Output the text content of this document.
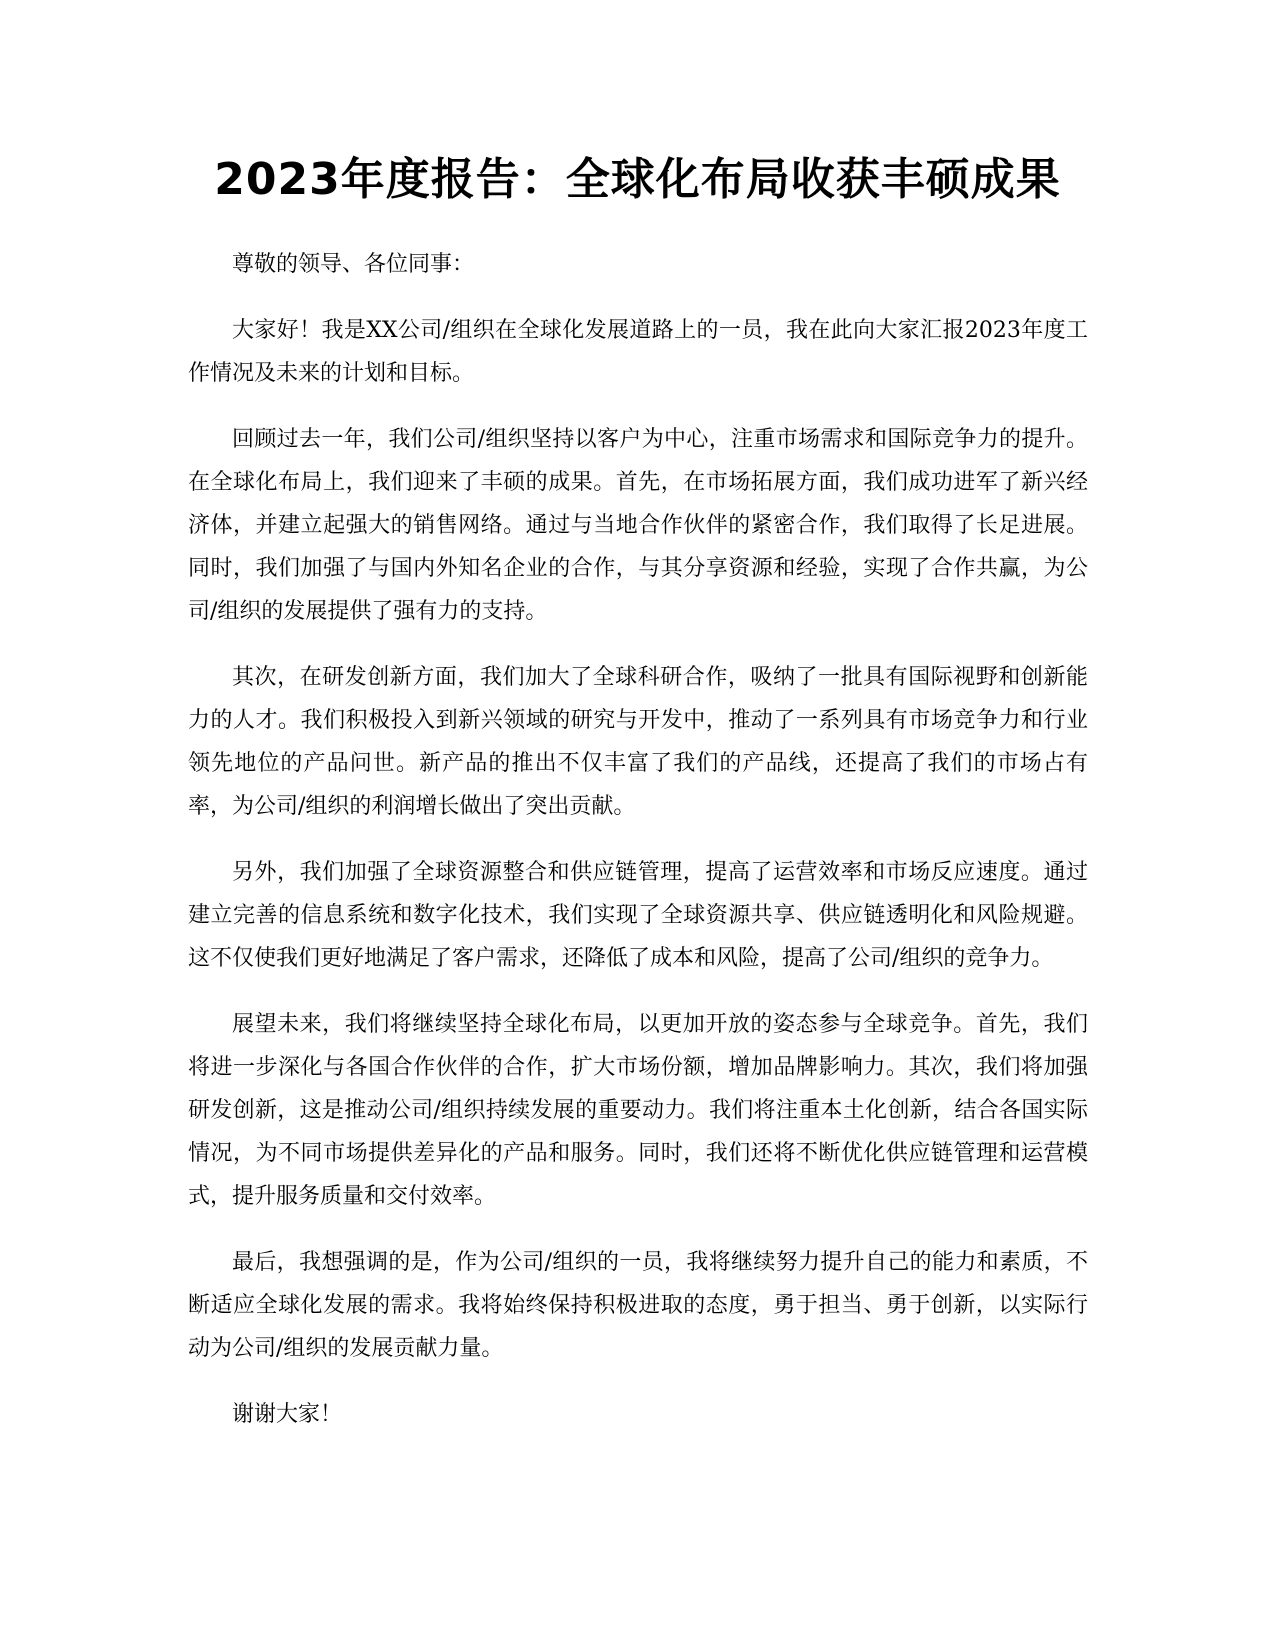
2023年度报告：全球化布局收获丰硕成果

尊敬的领导、各位同事：

大家好！我是XX公司/组织在全球化发展道路上的一员，我在此向大家汇报2023年度工作情况及未来的计划和目标。

回顾过去一年，我们公司/组织坚持以客户为中心，注重市场需求和国际竞争力的提升。在全球化布局上，我们迎来了丰硕的成果。首先，在市场拓展方面，我们成功进军了新兴经济体，并建立起强大的销售网络。通过与当地合作伙伴的紧密合作，我们取得了长足进展。同时，我们加强了与国内外知名企业的合作，与其分享资源和经验，实现了合作共赢，为公司/组织的发展提供了强有力的支持。

其次，在研发创新方面，我们加大了全球科研合作，吸纳了一批具有国际视野和创新能力的人才。我们积极投入到新兴领域的研究与开发中，推动了一系列具有市场竞争力和行业领先地位的产品问世。新产品的推出不仅丰富了我们的产品线，还提高了我们的市场占有率，为公司/组织的利润增长做出了突出贡献。

另外，我们加强了全球资源整合和供应链管理，提高了运营效率和市场反应速度。通过建立完善的信息系统和数字化技术，我们实现了全球资源共享、供应链透明化和风险规避。这不仅使我们更好地满足了客户需求，还降低了成本和风险，提高了公司/组织的竞争力。

展望未来，我们将继续坚持全球化布局，以更加开放的姿态参与全球竞争。首先，我们将进一步深化与各国合作伙伴的合作，扩大市场份额，增加品牌影响力。其次，我们将加强研发创新，这是推动公司/组织持续发展的重要动力。我们将注重本土化创新，结合各国实际情况，为不同市场提供差异化的产品和服务。同时，我们还将不断优化供应链管理和运营模式，提升服务质量和交付效率。

最后，我想强调的是，作为公司/组织的一员，我将继续努力提升自己的能力和素质，不断适应全球化发展的需求。我将始终保持积极进取的态度，勇于担当、勇于创新，以实际行动为公司/组织的发展贡献力量。

谢谢大家！
